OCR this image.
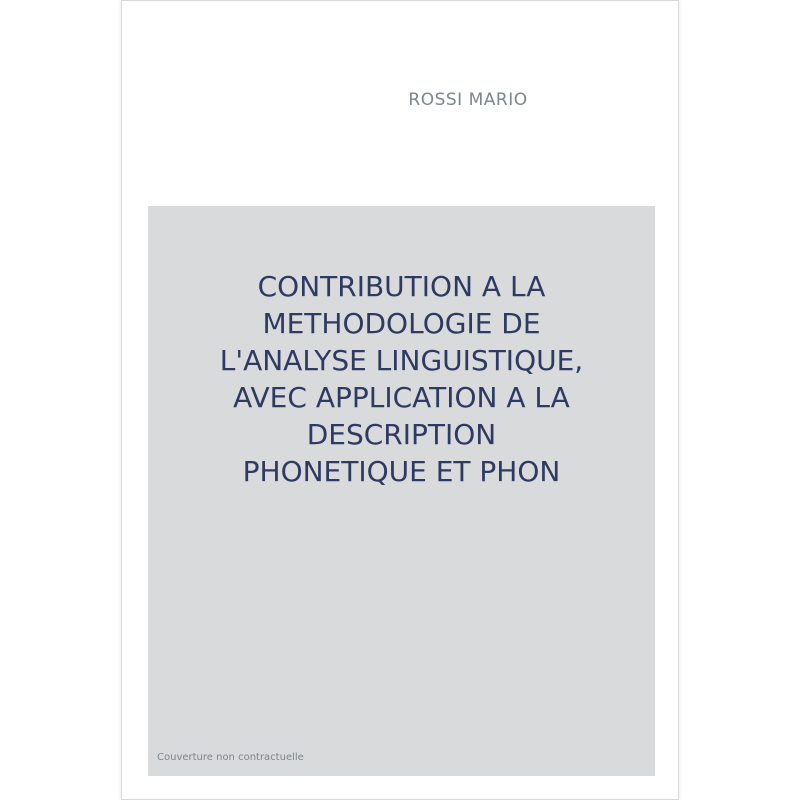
ROSSI MARIO
CONTRIBUTION A LA
METHODOLOGIE DE
L'ANALYSE LINGUISTIQUE,
AVEC APPLICATION A LA
DESCRIPTION
PHONETIQUE ET PHON
Couverture non contractuelle
